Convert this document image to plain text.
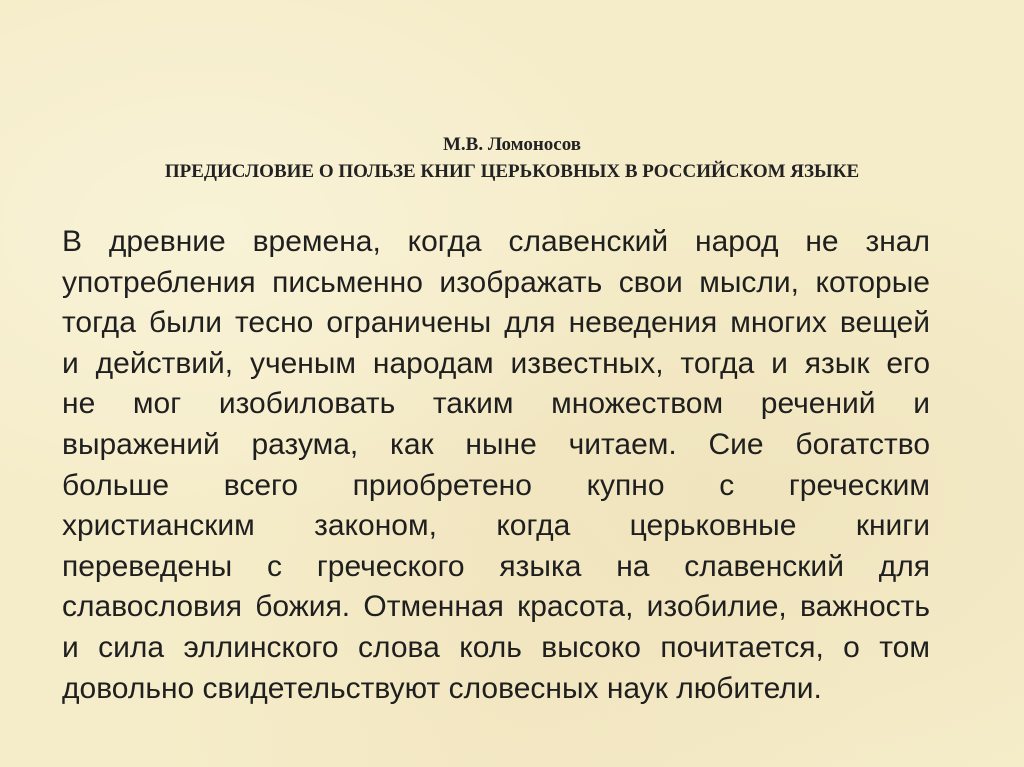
М.В. Ломоносов
ПРЕДИСЛОВИЕ О ПОЛЬЗЕ КНИГ ЦЕРЬКОВНЫХ В РОССИЙСКОМ ЯЗЫКЕ

В древние времена, когда славенский народ не знал
употребления письменно изображать свои мысли, которые
тогда были тесно ограничены для неведения многих вещей
и действий, ученым народам известных, тогда и язык его
не мог изобиловать таким множеством речений и
выражений разума, как ныне читаем. Сие богатство
больше всего приобретено купно с греческим
христианским законом, когда церьковные книги
переведены с греческого языка на славенский для
славословия божия. Отменная красота, изобилие, важность
и сила эллинского слова коль высоко почитается, о том
довольно свидетельствуют словесных наук любители.
